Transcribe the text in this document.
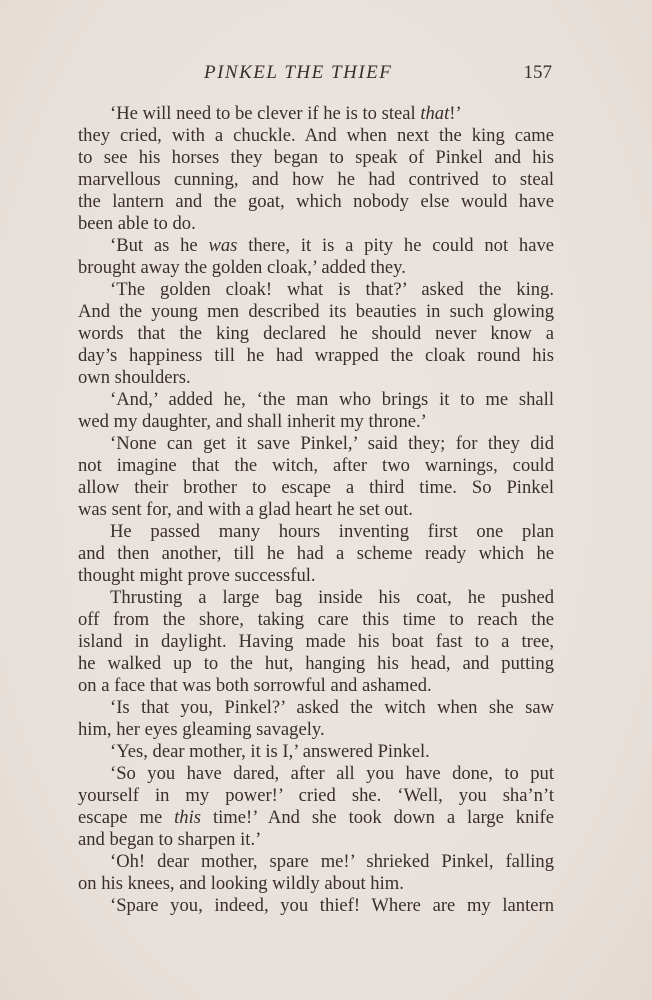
PINKEL THE THIEF	157
‘He will need to be clever if he is to steal that!’
they cried, with a chuckle. And when next the king came
to see his horses they began to speak of Pinkel and his
marvellous cunning, and how he had contrived to steal
the lantern and the goat, which nobody else would have
been able to do.
‘But as he was there, it is a pity he could not have
brought away the golden cloak,’ added they.
‘The golden cloak! what is that?’ asked the king.
And the young men described its beauties in such glowing
words that the king declared he should never know a
day’s happiness till he had wrapped the cloak round his
own shoulders.
‘And,’ added he, ‘the man who brings it to me shall
wed my daughter, and shall inherit my throne.’
‘None can get it save Pinkel,’ said they; for they did
not imagine that the witch, after two warnings, could
allow their brother to escape a third time. So Pinkel
was sent for, and with a glad heart he set out.
He passed many hours inventing first one plan
and then another, till he had a scheme ready which he
thought might prove successful.
Thrusting a large bag inside his coat, he pushed
off from the shore, taking care this time to reach the
island in daylight. Having made his boat fast to a tree,
he walked up to the hut, hanging his head, and putting
on a face that was both sorrowful and ashamed.
‘Is that you, Pinkel?’ asked the witch when she saw
him, her eyes gleaming savagely.
‘Yes, dear mother, it is I,’ answered Pinkel.
‘So you have dared, after all you have done, to put
yourself in my power!’ cried she. ‘Well, you sha’n’t
escape me this time!’ And she took down a large knife
and began to sharpen it.’
‘Oh! dear mother, spare me!’ shrieked Pinkel, falling
on his knees, and looking wildly about him.
‘Spare you, indeed, you thief! Where are my lantern
